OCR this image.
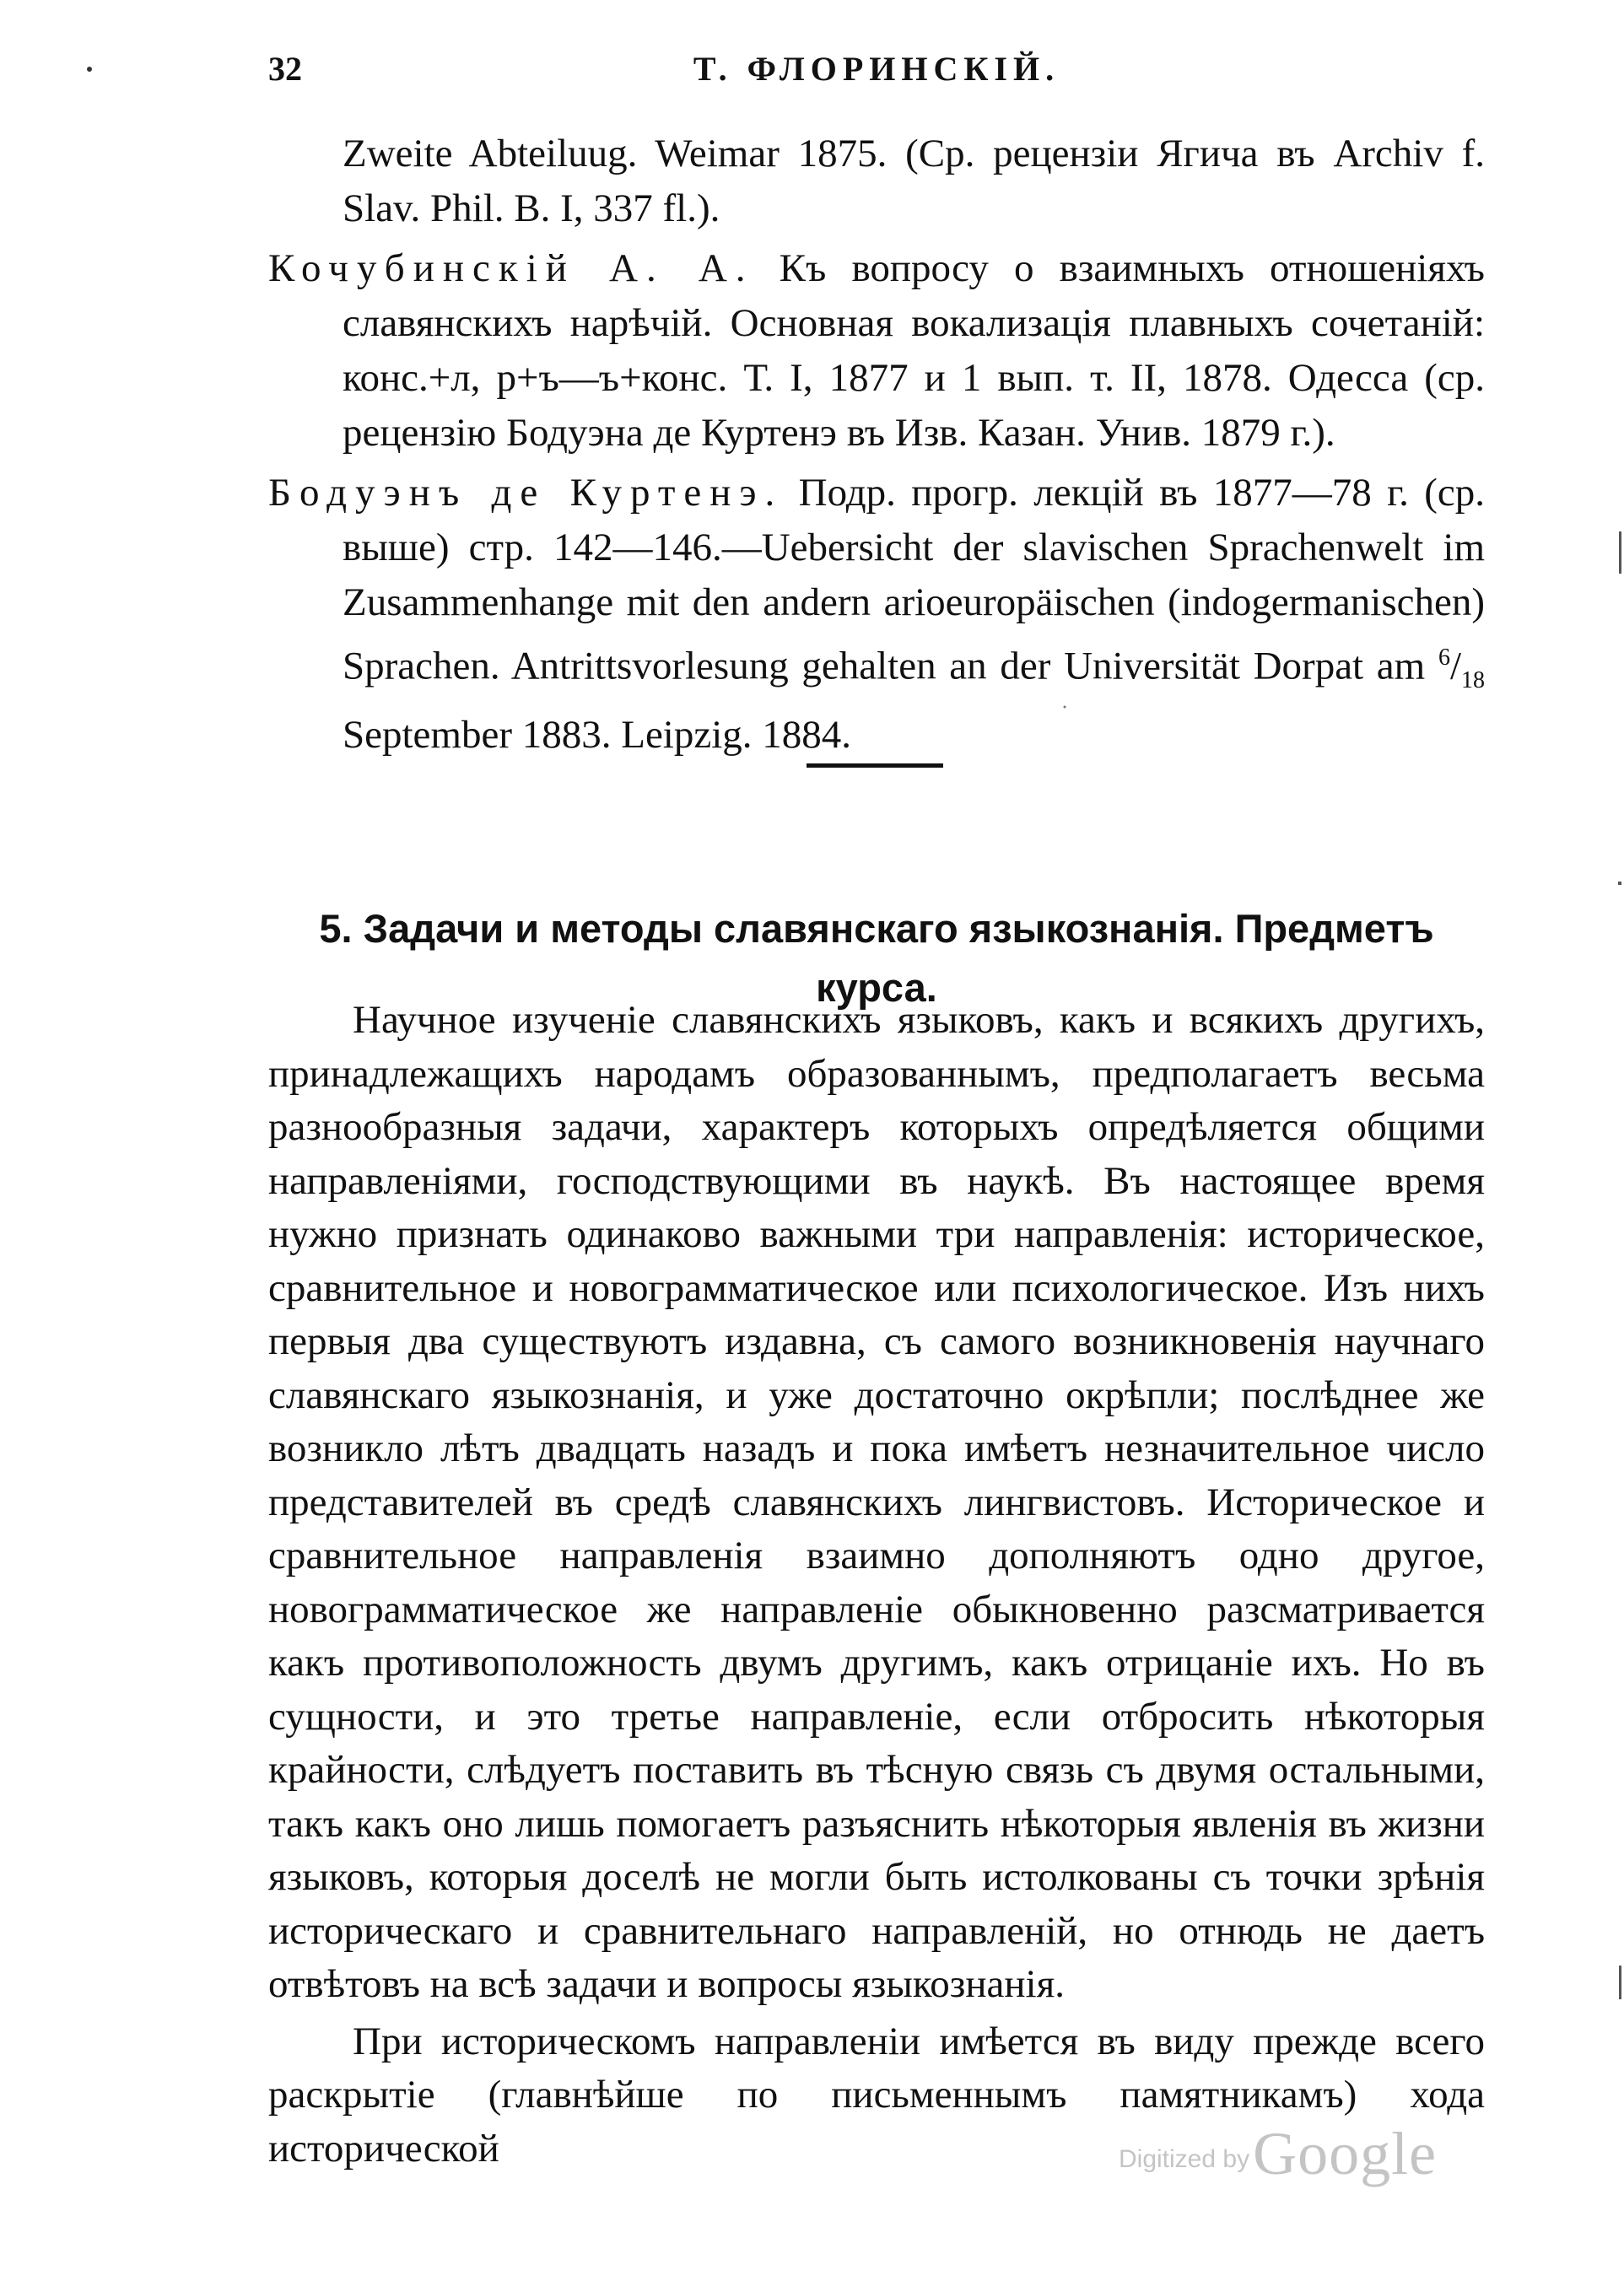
32	Т. ФЛОРИНСКІЙ.

Zweite Abteiluug. Weimar 1875. (Ср. рецензіи Ягича въ Archiv f. Slav. Phil. B. I, 337 fl.).

Кочубинскій А. А. Къ вопросу о взаимныхъ отношеніяхъ славянскихъ нарѣчій. Основная вокализація плавныхъ сочетаній: конс.+л, р+ъ—ъ+конс. Т. I, 1877 и 1 вып. т. II, 1878. Одесса (ср. рецензію Бодуэна де Куртенэ въ Изв. Казан. Унив. 1879 г.).

Бодуэнъ де Куртенэ. Подр. прогр. лекцій въ 1877—78 г. (ср. выше) стр. 142—146.—Uebersicht der slavischen Sprachenwelt im Zusammenhange mit den andern arioeuropäischen (indogermanischen) Sprachen. Antrittsvorlesung gehalten an der Universität Dorpat am $^6/_{18}$ September 1883. Leipzig. 1884.

5. Задачи и методы славянскаго языкознанія. Предметъ курса.

Научное изученіе славянскихъ языковъ, какъ и всякихъ другихъ, принадлежащихъ народамъ образованнымъ, предполагаетъ весьма разнообразныя задачи, характеръ которыхъ опредѣляется общими направленіями, господствующими въ наукѣ. Въ настоящее время нужно признать одинаково важными три направленія: историческое, сравнительное и новограмматическое или психологическое. Изъ нихъ первыя два существуютъ издавна, съ самого возникновенія научнаго славянскаго языкознанія, и уже достаточно окрѣпли; послѣднее же возникло лѣтъ двадцать назадъ и пока имѣетъ незначительное число представителей въ средѣ славянскихъ лингвистовъ. Историческое и сравнительное направленія взаимно дополняютъ одно другое, новограмматическое же направленіе обыкновенно разсматривается какъ противоположность двумъ другимъ, какъ отрицаніе ихъ. Но въ сущности, и это третье направленіе, если отбросить нѣкоторыя крайности, слѣдуетъ поставить въ тѣсную связь съ двумя остальными, такъ какъ оно лишь помогаетъ разъяснить нѣкоторыя явленія въ жизни языковъ, которыя доселѣ не могли быть истолкованы съ точки зрѣнія историческаго и сравнительнаго направленій, но отнюдь не даетъ отвѣтовъ на всѣ задачи и вопросы языкознанія.

При историческомъ направленіи имѣется въ виду прежде всего раскрытіе (главнѣйше по письменнымъ памятникамъ) хода исторической	Digitized by Google
